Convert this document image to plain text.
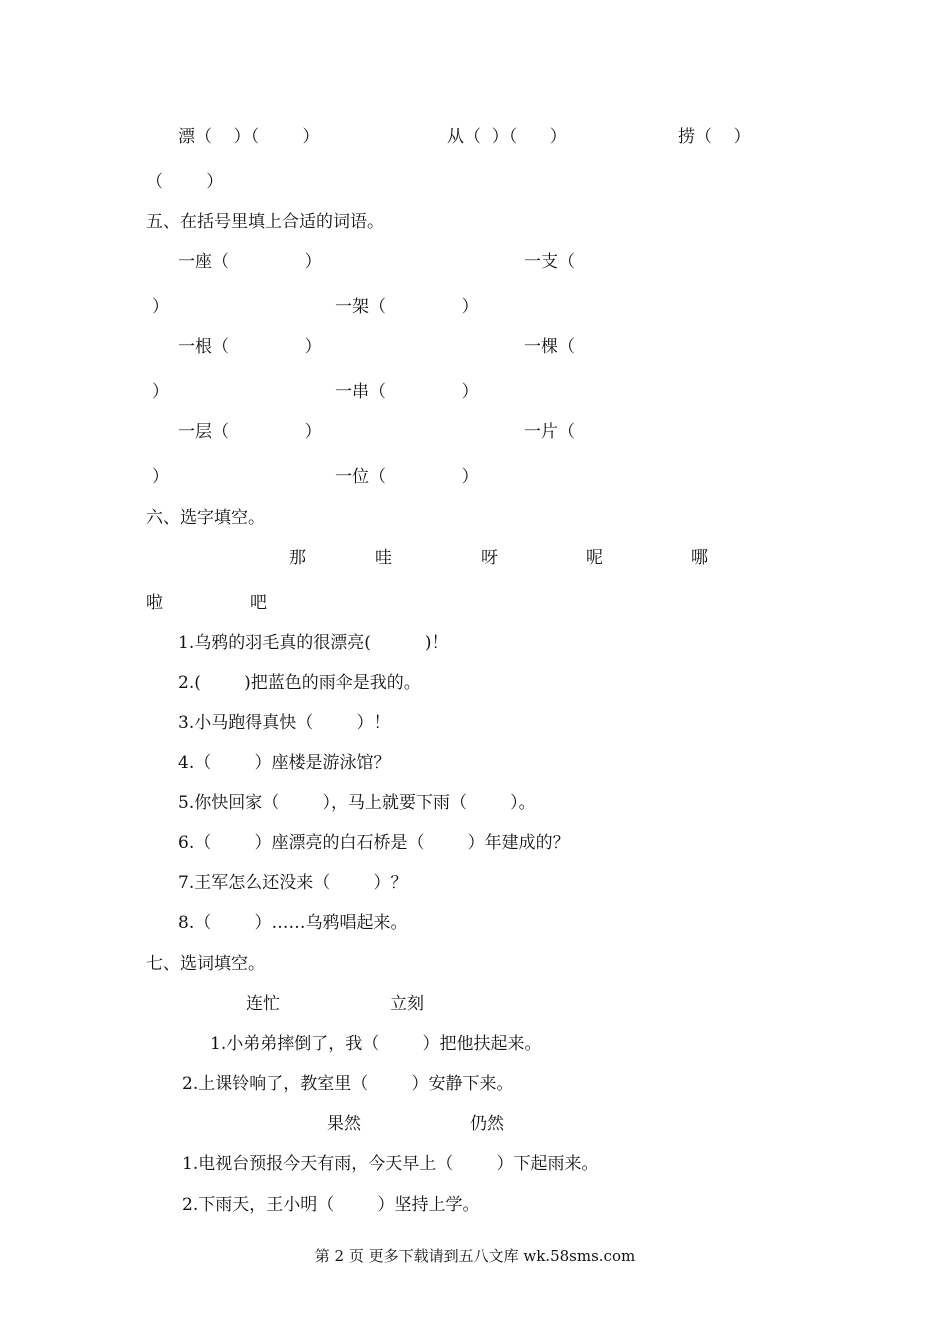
漂（    ）（        ）	从（  ）（      ）	捞（    ）
（        ）
五、在括号里填上合适的词语。
一座（              ）	一支（
）	一架（              ）
一根（              ）	一棵（
）	一串（              ）
一层（              ）	一片（
）	一位（              ）
六、选字填空。
那	哇	呀	呢	哪
啦	吧
1.乌鸦的羽毛真的很漂亮(          )！
2.(        )把蓝色的雨伞是我的。
3.小马跑得真快（        ）！
4.（        ）座楼是游泳馆？
5.你快回家（        ），马上就要下雨（        ）。
6.（        ）座漂亮的白石桥是（        ）年建成的？
7.王军怎么还没来（        ）？
8.（        ）……乌鸦唱起来。
七、选词填空。
连忙	立刻
1.小弟弟摔倒了，我（        ）把他扶起来。
2.上课铃响了，教室里（        ）安静下来。
果然	仍然
1.电视台预报今天有雨，今天早上（        ）下起雨来。
2.下雨天，王小明（        ）坚持上学。
第 2 页 更多下载请到五八文库 wk.58sms.com
